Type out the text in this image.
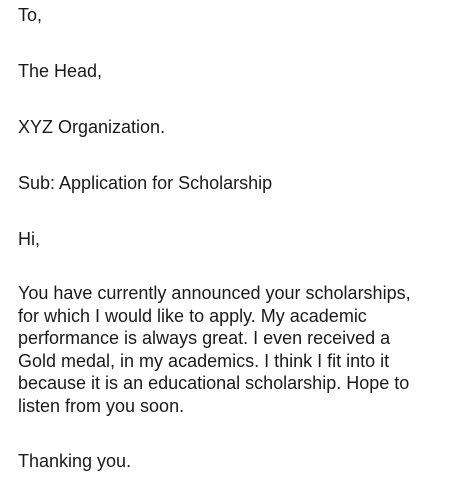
To,

The Head,

XYZ Organization.

Sub: Application for Scholarship

Hi,

You have currently announced your scholarships,
for which I would like to apply. My academic
performance is always great. I even received a
Gold medal, in my academics. I think I fit into it
because it is an educational scholarship. Hope to
listen from you soon.

Thanking you.
